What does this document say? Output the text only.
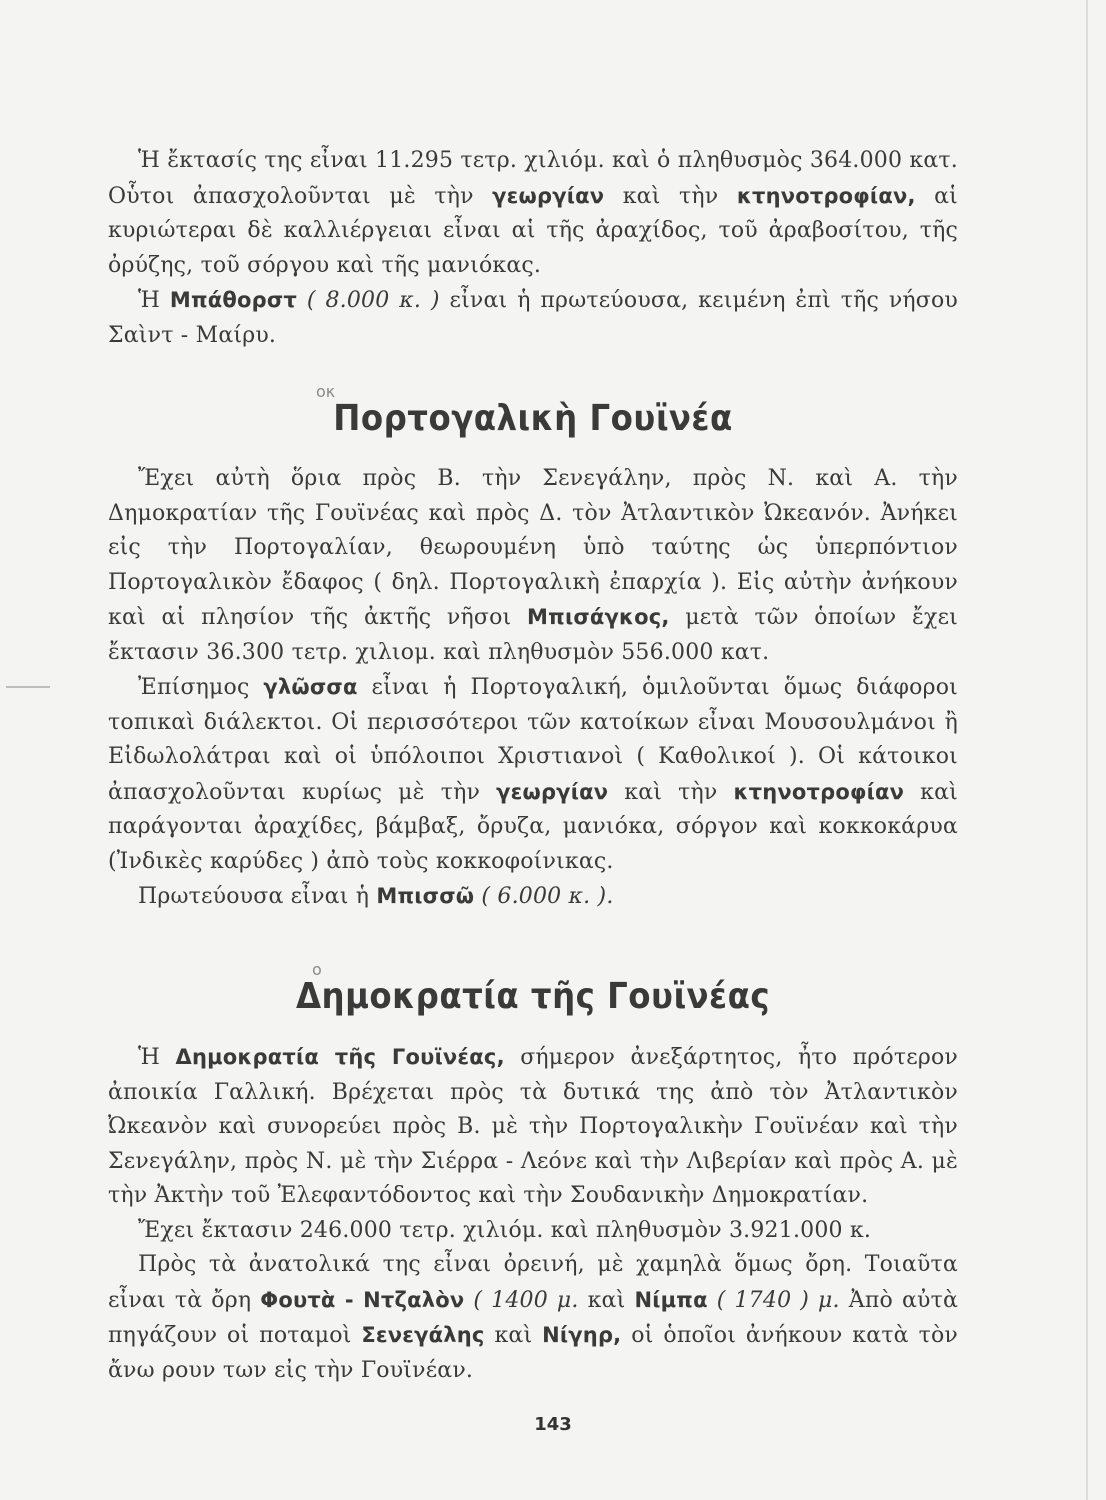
Ἡ ἔκτασίς της εἶναι 11.295 τετρ. χιλιόμ. καὶ ὁ πληθυσμὸς 364.000 κατ. Οὗτοι ἀπασχολοῦνται μὲ τὴν γεωργίαν καὶ τὴν κτηνοτροφίαν, αἱ κυριώτεραι δὲ καλλιέργειαι εἶναι αἱ τῆς ἀραχίδος, τοῦ ἀραβοσίτου, τῆς ὀρύζης, τοῦ σόργου καὶ τῆς μανιόκας.

Ἡ Μπάθορστ ( 8.000 κ. ) εἶναι ἡ πρωτεύουσα, κειμένη ἐπὶ τῆς νήσου Σαὶντ - Μαίρυ.

οκ
Πορτογαλικὴ Γουϊνέα

Ἔχει αὐτὴ ὅρια πρὸς Β. τὴν Σενεγάλην, πρὸς Ν. καὶ Α. τὴν Δημοκρατίαν τῆς Γουϊνέας καὶ πρὸς Δ. τὸν Ἀτλαντικὸν Ὠκεανόν. Ἀνήκει εἰς τὴν Πορτογαλίαν, θεωρουμένη ὑπὸ ταύτης ὡς ὑπερπόντιον Πορτογαλικὸν ἔδαφος ( δηλ. Πορτογαλικὴ ἐπαρχία ). Εἰς αὐτὴν ἀνήκουν καὶ αἱ πλησίον τῆς ἀκτῆς νῆσοι Μπισάγκος, μετὰ τῶν ὁποίων ἔχει ἔκτασιν 36.300 τετρ. χιλιομ. καὶ πληθυσμὸν 556.000 κατ.

Ἐπίσημος γλῶσσα εἶναι ἡ Πορτογαλική, ὁμιλοῦνται ὅμως διάφοροι τοπικαὶ διάλεκτοι. Οἱ περισσότεροι τῶν κατοίκων εἶναι Μουσουλμάνοι ἢ Εἰδωλολάτραι καὶ οἱ ὑπόλοιποι Χριστιανοὶ ( Καθολικοί ). Οἱ κάτοικοι ἀπασχολοῦνται κυρίως μὲ τὴν γεωργίαν καὶ τὴν κτηνοτροφίαν καὶ παράγονται ἀραχίδες, βάμβαξ, ὄρυζα, μανιόκα, σόργον καὶ κοκκοκάρυα (Ἰνδικὲς καρύδες ) ἀπὸ τοὺς κοκκοφοίνικας.

Πρωτεύουσα εἶναι ἡ Μπισσῶ ( 6.000 κ. ).

ο
Δημοκρατία τῆς Γουϊνέας

Ἡ Δημοκρατία τῆς Γουϊνέας, σήμερον ἀνεξάρτητος, ἦτο πρότερον ἀποικία Γαλλική. Βρέχεται πρὸς τὰ δυτικά της ἀπὸ τὸν Ἀτλαντικὸν Ὠκεανὸν καὶ συνορεύει πρὸς Β. μὲ τὴν Πορτογαλικὴν Γουϊνέαν καὶ τὴν Σενεγάλην, πρὸς Ν. μὲ τὴν Σιέρρα - Λεόνε καὶ τὴν Λιβερίαν καὶ πρὸς Α. μὲ τὴν Ἀκτὴν τοῦ Ἐλεφαντόδοντος καὶ τὴν Σουδανικὴν Δημοκρατίαν.

Ἔχει ἔκτασιν 246.000 τετρ. χιλιόμ. καὶ πληθυσμὸν 3.921.000 κ.

Πρὸς τὰ ἀνατολικά της εἶναι ὀρεινή, μὲ χαμηλὰ ὅμως ὄρη. Τοιαῦτα εἶναι τὰ ὄρη Φουτὰ - Ντζαλὸν ( 1400 μ. καὶ Νίμπα ( 1740 ) μ. Ἀπὸ αὐτὰ πηγάζουν οἱ ποταμοὶ Σενεγάλης καὶ Νίγηρ, οἱ ὁποῖοι ἀνήκουν κατὰ τὸν ἄνω ρουν των εἰς τὴν Γουϊνέαν.

143
